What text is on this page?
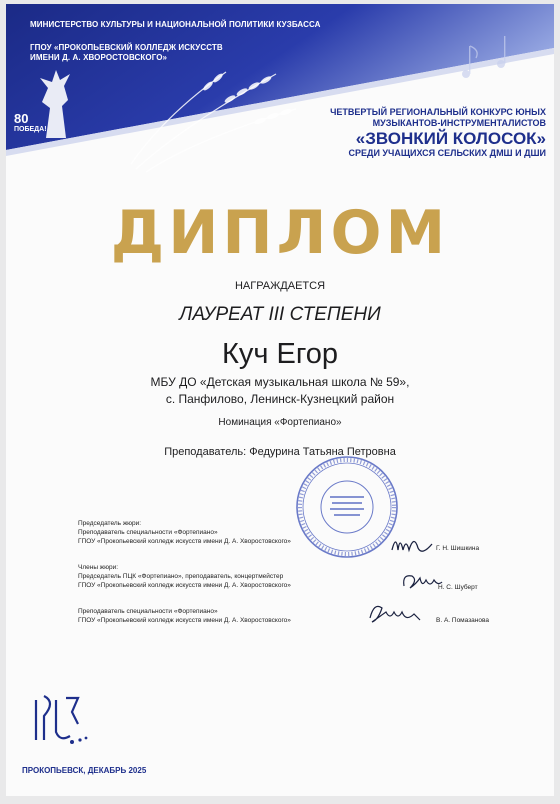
МИНИСТЕРСТВО КУЛЬТУРЫ И НАЦИОНАЛЬНОЙ ПОЛИТИКИ КУЗБАССА
ГПОУ «ПРОКОПЬЕВСКИЙ КОЛЛЕДЖ ИСКУССТВ
ИМЕНИ Д. А. ХВОРОСТОВСКОГО»
80
ПОБЕДА!
ЧЕТВЕРТЫЙ РЕГИОНАЛЬНЫЙ КОНКУРС ЮНЫХ
МУЗЫКАНТОВ-ИНСТРУМЕНТАЛИСТОВ
«ЗВОНКИЙ КОЛОСОК»
СРЕДИ УЧАЩИХСЯ СЕЛЬСКИХ ДМШ И ДШИ
ДИПЛОМ
НАГРАЖДАЕТСЯ
ЛАУРЕАТ III СТЕПЕНИ
Куч Егор
МБУ ДО «Детская музыкальная школа № 59»,
с. Панфилово, Ленинск-Кузнецкий район
Номинация «Фортепиано»
Преподаватель: Федурина Татьяна Петровна
Председатель жюри:
Преподаватель специальности «Фортепиано»
ГПОУ «Прокопьевский колледж искусств имени Д. А. Хворостовского»
Г. Н. Шишкина
Члены жюри:
Председатель ПЦК «Фортепиано», преподаватель, концертмейстер
ГПОУ «Прокопьевский колледж искусств имени Д. А. Хворостовского»	Н. С. Шуберт
Преподаватель специальности «Фортепиано»
ГПОУ «Прокопьевский колледж искусств имени Д. А. Хворостовского»	В. А. Помазанова
ПРОКОПЬЕВСК, ДЕКАБРЬ 2025
